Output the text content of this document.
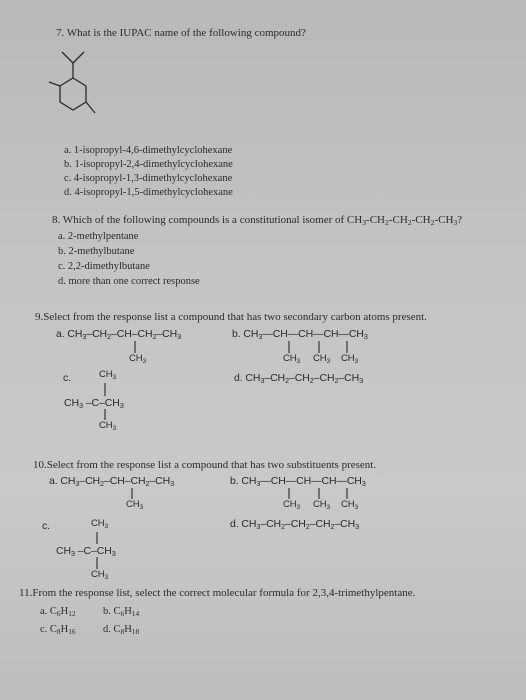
7. What is the IUPAC name of the following compound?
a. 1-isopropyl-4,6-dimethylcyclohexane
b. 1-isopropyl-2,4-dimethylcyclohexane
c. 4-isopropyl-1,3-dimethylcyclohexane
d. 4-isopropyl-1,5-dimethylcyclohexane
8. Which of the following compounds is a constitutional isomer of $CH_3-CH_2-CH_2-CH_2-CH_3$?
a. 2-methylpentane
b. 2-methylbutane
c. 2,2-dimethylbutane
d. more than one correct response
9.Select from the response list a compound that has two secondary carbon atoms present.
a. $CH_3-CH_2-CH-CH_2-CH_3$
$CH_3$
b. $CH_3—CH—CH—CH—CH_3$
$CH_3$ $CH_3$ $CH_3$
c.	$CH_3$
$CH_3$ $-C-CH_3$
$CH_3$
d. $CH_3-CH_2-CH_2-CH_2-CH_3$
10.Select from the response list a compound that has two substituents present.
a. $CH_3-CH_2-CH-CH_2-CH_3$
$CH_3$
b. $CH_3—CH—CH—CH—CH_3$
$CH_3$ $CH_3$ $CH_3$
c.	$CH_3$
$CH_3$ $-C-CH_3$
$CH_3$
d. $CH_3-CH_2-CH_2-CH_2-CH_3$
11.From the response list, select the correct molecular formula for 2,3,4-trimethylpentane.
a. $C_6H_{12}$	b. $C_6H_{14}$
c. $C_8H_{16}$	d. $C_8H_{18}$
